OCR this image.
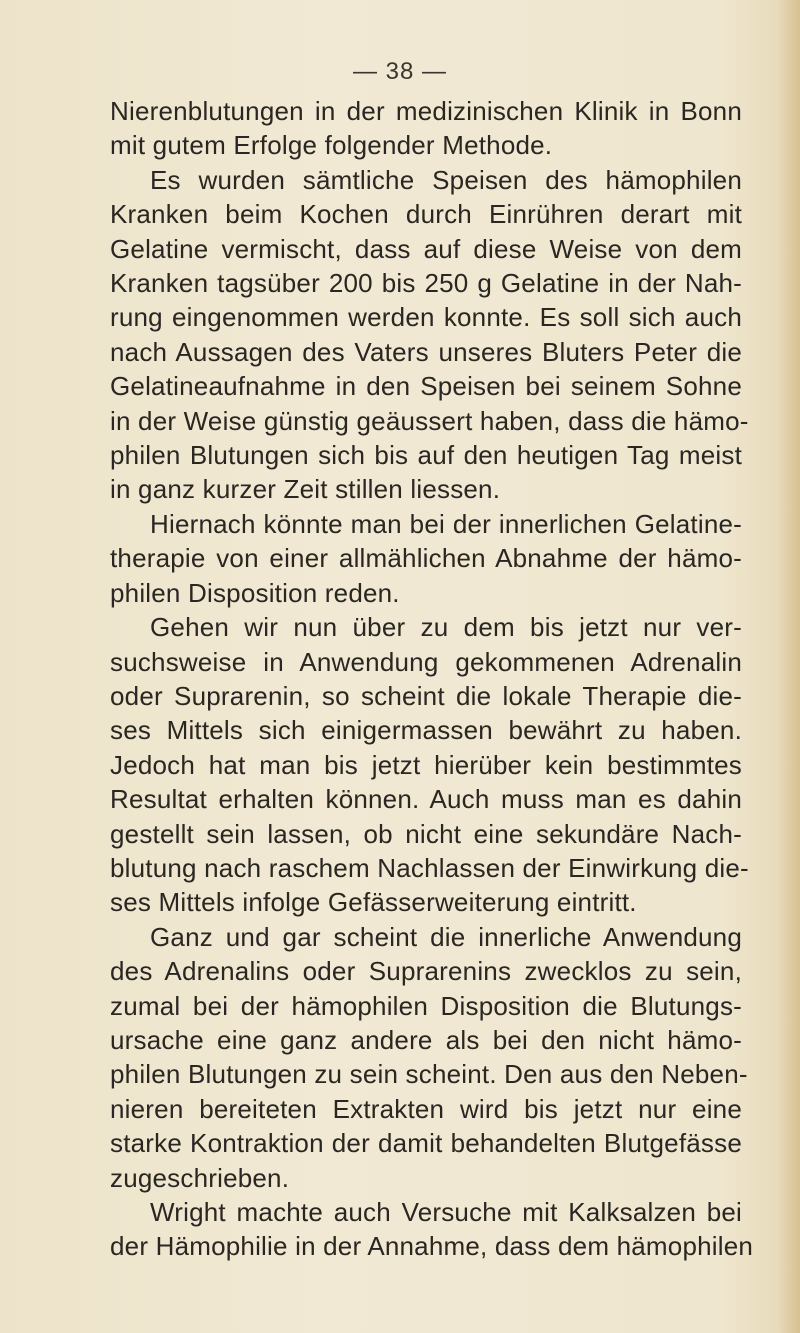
— 38 —
Nierenblutungen in der medizinischen Klinik in Bonn
mit gutem Erfolge folgender Methode.
Es wurden sämtliche Speisen des hämophilen
Kranken beim Kochen durch Einrühren derart mit
Gelatine vermischt, dass auf diese Weise von dem
Kranken tagsüber 200 bis 250 g Gelatine in der Nah-
rung eingenommen werden konnte. Es soll sich auch
nach Aussagen des Vaters unseres Bluters Peter die
Gelatineaufnahme in den Speisen bei seinem Sohne
in der Weise günstig geäussert haben, dass die hämo-
philen Blutungen sich bis auf den heutigen Tag meist
in ganz kurzer Zeit stillen liessen.
Hiernach könnte man bei der innerlichen Gelatine-
therapie von einer allmählichen Abnahme der hämo-
philen Disposition reden.
Gehen wir nun über zu dem bis jetzt nur ver-
suchsweise in Anwendung gekommenen Adrenalin
oder Suprarenin, so scheint die lokale Therapie die-
ses Mittels sich einigermassen bewährt zu haben.
Jedoch hat man bis jetzt hierüber kein bestimmtes
Resultat erhalten können. Auch muss man es dahin
gestellt sein lassen, ob nicht eine sekundäre Nach-
blutung nach raschem Nachlassen der Einwirkung die-
ses Mittels infolge Gefässerweiterung eintritt.
Ganz und gar scheint die innerliche Anwendung
des Adrenalins oder Suprarenins zwecklos zu sein,
zumal bei der hämophilen Disposition die Blutungs-
ursache eine ganz andere als bei den nicht hämo-
philen Blutungen zu sein scheint. Den aus den Neben-
nieren bereiteten Extrakten wird bis jetzt nur eine
starke Kontraktion der damit behandelten Blutgefässe
zugeschrieben.
Wright machte auch Versuche mit Kalksalzen bei
der Hämophilie in der Annahme, dass dem hämophilen
